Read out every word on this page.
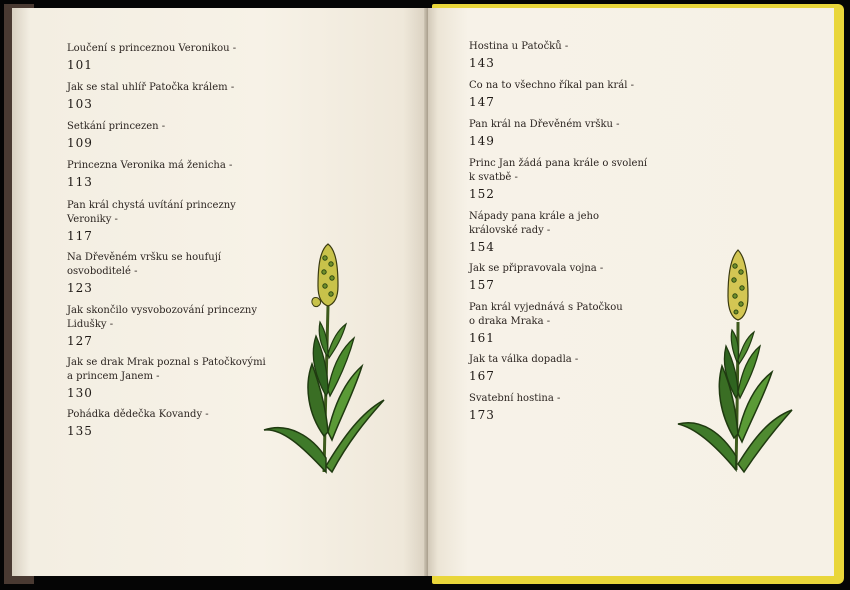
Loučení s princeznou Veronikou -
101
Jak se stal uhlíř Patočka králem -
103
Setkání princezen -
109
Princezna Veronika má ženicha -
113
Pan král chystá uvítání princezny
Veroniky -
117
Na Dřevěném vršku se houfují
osvoboditelé -
123
Jak skončilo vysvobozování princezny
Lidušky -
127
Jak se drak Mrak poznal s Patočkovými
a princem Janem -
130
Pohádka dědečka Kovandy -
135
Hostina u Patočků -
143
Co na to všechno říkal pan král -
147
Pan král na Dřevěném vršku -
149
Princ Jan žádá pana krále o svolení
k svatbě -
152
Nápady pana krále a jeho
královské rady -
154
Jak se připravovala vojna -
157
Pan král vyjednává s Patočkou
o draka Mraka -
161
Jak ta válka dopadla -
167
Svatební hostina -
173
